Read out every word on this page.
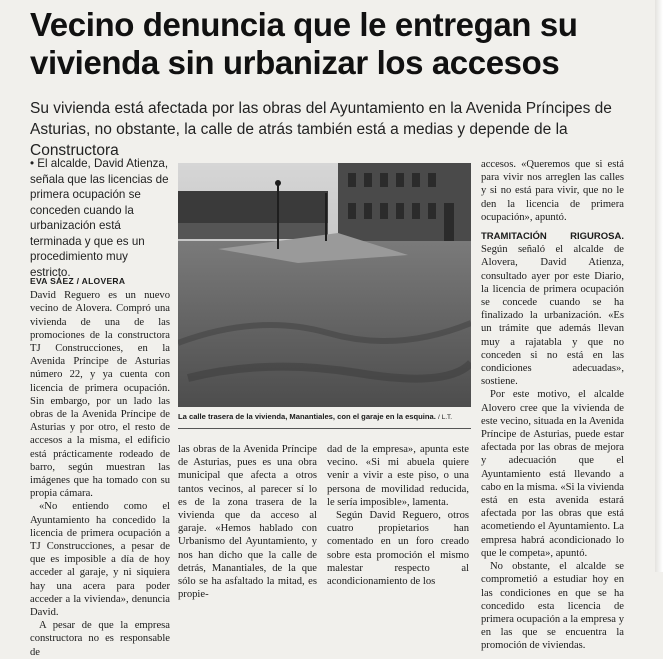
Vecino denuncia que le entregan su vivienda sin urbanizar los accesos

Su vivienda está afectada por las obras del Ayuntamiento en la Avenida Príncipes de Asturias, no obstante, la calle de atrás también está a medias y depende de la Constructora

• El alcalde, David Atienza, señala que las licencias de primera ocupación se conceden cuando la urbanización está terminada y que es un procedimiento muy estricto.

EVA SÁEZ / ALOVERA

David Reguero es un nuevo vecino de Alovera. Compró una vivienda de una de las promociones de la constructora TJ Construcciones, en la Avenida Príncipe de Asturias número 22, y ya cuenta con licencia de primera ocupación. Sin embargo, por un lado las obras de la Avenida Príncipe de Asturias y por otro, el resto de accesos a la misma, el edificio está prácticamente rodeado de barro, según muestran las imágenes que ha tomado con su propia cámara.

«No entiendo como el Ayuntamiento ha concedido la licencia de primera ocupación a TJ Construcciones, a pesar de que es imposible a día de hoy acceder al garaje, y ni siquiera hay una acera para poder acceder a la vivienda», denuncia David.

A pesar de que la empresa constructora no es responsable de

La calle trasera de la vivienda, Manantiales, con el garaje en la esquina. / L.T.

las obras de la Avenida Príncipe de Asturias, pues es una obra municipal que afecta a otros tantos vecinos, al parecer sí lo es de la zona trasera de la vivienda que da acceso al garaje. «Hemos hablado con Urbanismo del Ayuntamiento, y nos han dicho que la calle de detrás, Manantiales, de la que sólo se ha asfaltado la mitad, es propie-

dad de la empresa», apunta este vecino. «Si mi abuela quiere venir a vivir a este piso, o una persona de movilidad reducida, le sería imposible», lamenta.

Según David Reguero, otros cuatro propietarios han comentado en un foro creado sobre esta promoción el mismo malestar respecto al acondicionamiento de los

accesos. «Queremos que si está para vivir nos arreglen las calles y si no está para vivir, que no le den la licencia de primera ocupación», apuntó.

TRAMITACIÓN RIGUROSA. Según señaló el alcalde de Alovera, David Atienza, consultado ayer por este Diario, la licencia de primera ocupación se concede cuando se ha finalizado la urbanización. «Es un trámite que además llevan muy a rajatabla y que no conceden si no está en las condiciones adecuadas», sostiene.

Por este motivo, el alcalde Alovero cree que la vivienda de este vecino, situada en la Avenida Príncipe de Asturias, puede estar afectada por las obras de mejora y adecuación que el Ayuntamiento está llevando a cabo en la misma. «Si la vivienda está en esta avenida estará afectada por las obras que está acometiendo el Ayuntamiento. La empresa habrá acondicionado lo que le competa», apuntó.

No obstante, el alcalde se comprometió a estudiar hoy en las condiciones en que se ha concedido esta licencia de primera ocupación a la empresa y en las que se encuentra la promoción de viviendas.
